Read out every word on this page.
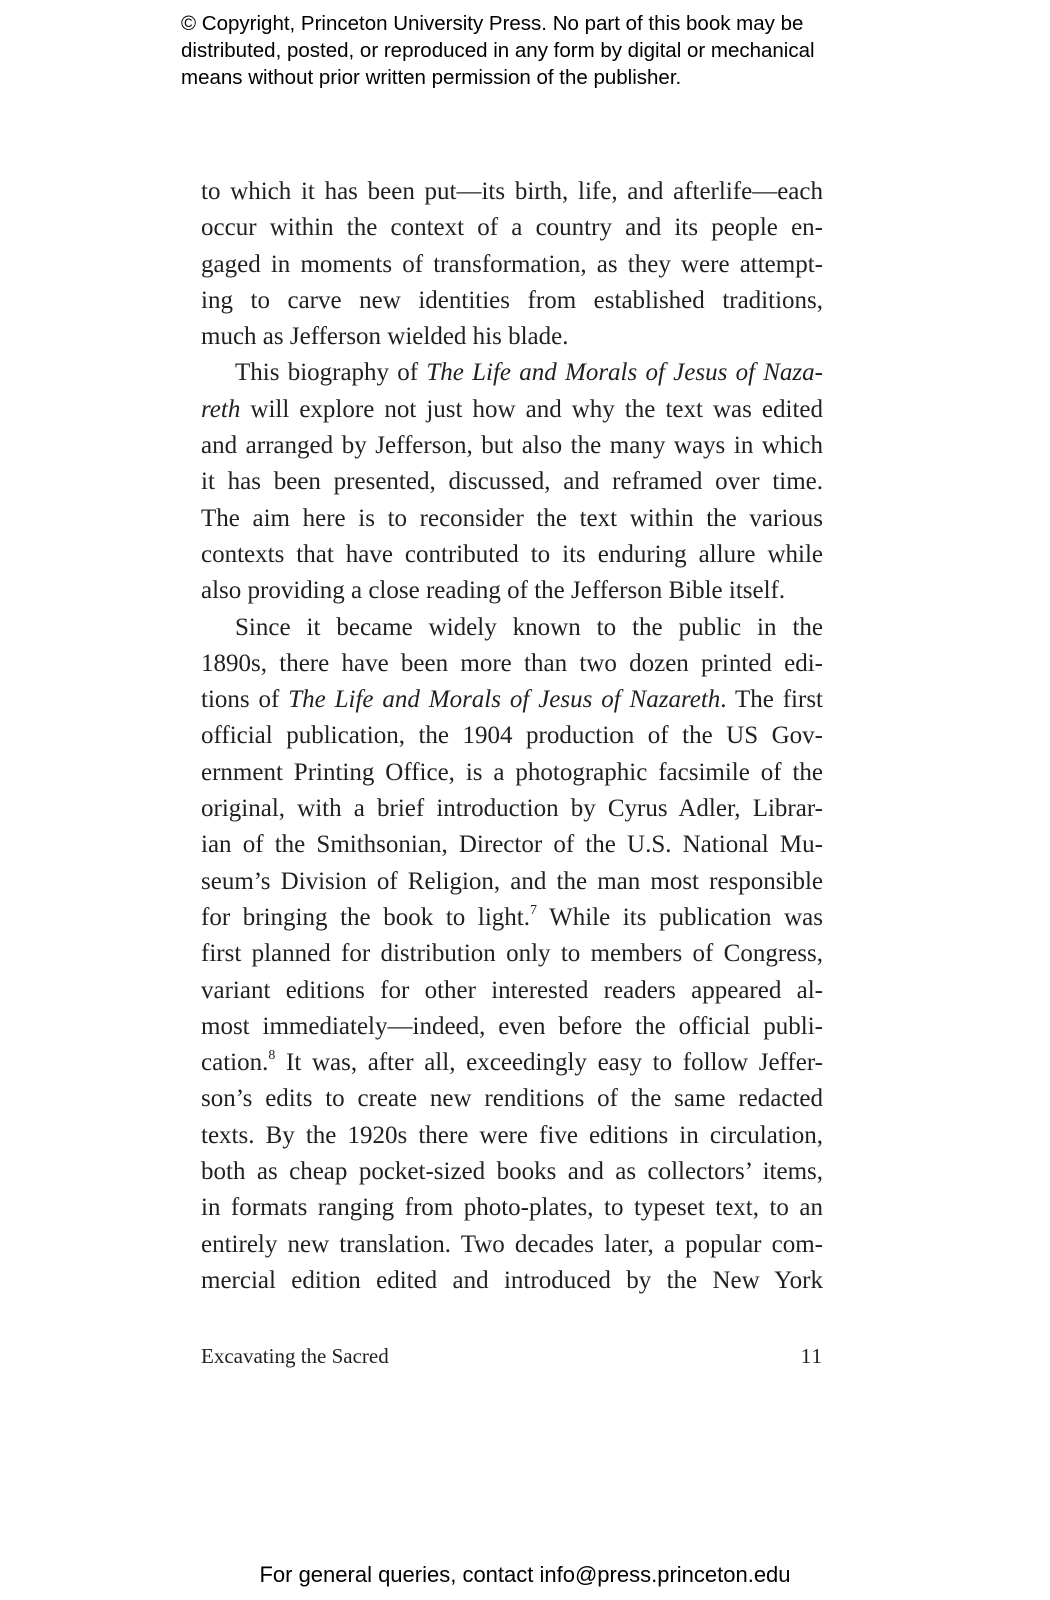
© Copyright, Princeton University Press. No part of this book may be
distributed, posted, or reproduced in any form by digital or mechanical
means without prior written permission of the publisher.
to which it has been put—its birth, life, and afterlife—each
occur within the context of a country and its people en-
gaged in moments of transformation, as they were attempt-
ing to carve new identities from established traditions,
much as Jefferson wielded his blade.
This biography of The Life and Morals of Jesus of Naza-
reth will explore not just how and why the text was edited
and arranged by Jefferson, but also the many ways in which
it has been presented, discussed, and reframed over time.
The aim here is to reconsider the text within the various
contexts that have contributed to its enduring allure while
also providing a close reading of the Jefferson Bible itself.
Since it became widely known to the public in the
1890s, there have been more than two dozen printed edi-
tions of The Life and Morals of Jesus of Nazareth. The first
official publication, the 1904 production of the US Gov-
ernment Printing Office, is a photographic facsimile of the
original, with a brief introduction by Cyrus Adler, Librar-
ian of the Smithsonian, Director of the U.S. National Mu-
seum’s Division of Religion, and the man most responsible
for bringing the book to light.$^7$ While its publication was
first planned for distribution only to members of Congress,
variant editions for other interested readers appeared al-
most immediately—indeed, even before the official publi-
cation.$^8$ It was, after all, exceedingly easy to follow Jeffer-
son’s edits to create new renditions of the same redacted
texts. By the 1920s there were five editions in circulation,
both as cheap pocket-sized books and as collectors’ items,
in formats ranging from photo-plates, to typeset text, to an
entirely new translation. Two decades later, a popular com-
mercial edition edited and introduced by the New York
Excavating the Sacred	11
For general queries, contact info@press.princeton.edu
